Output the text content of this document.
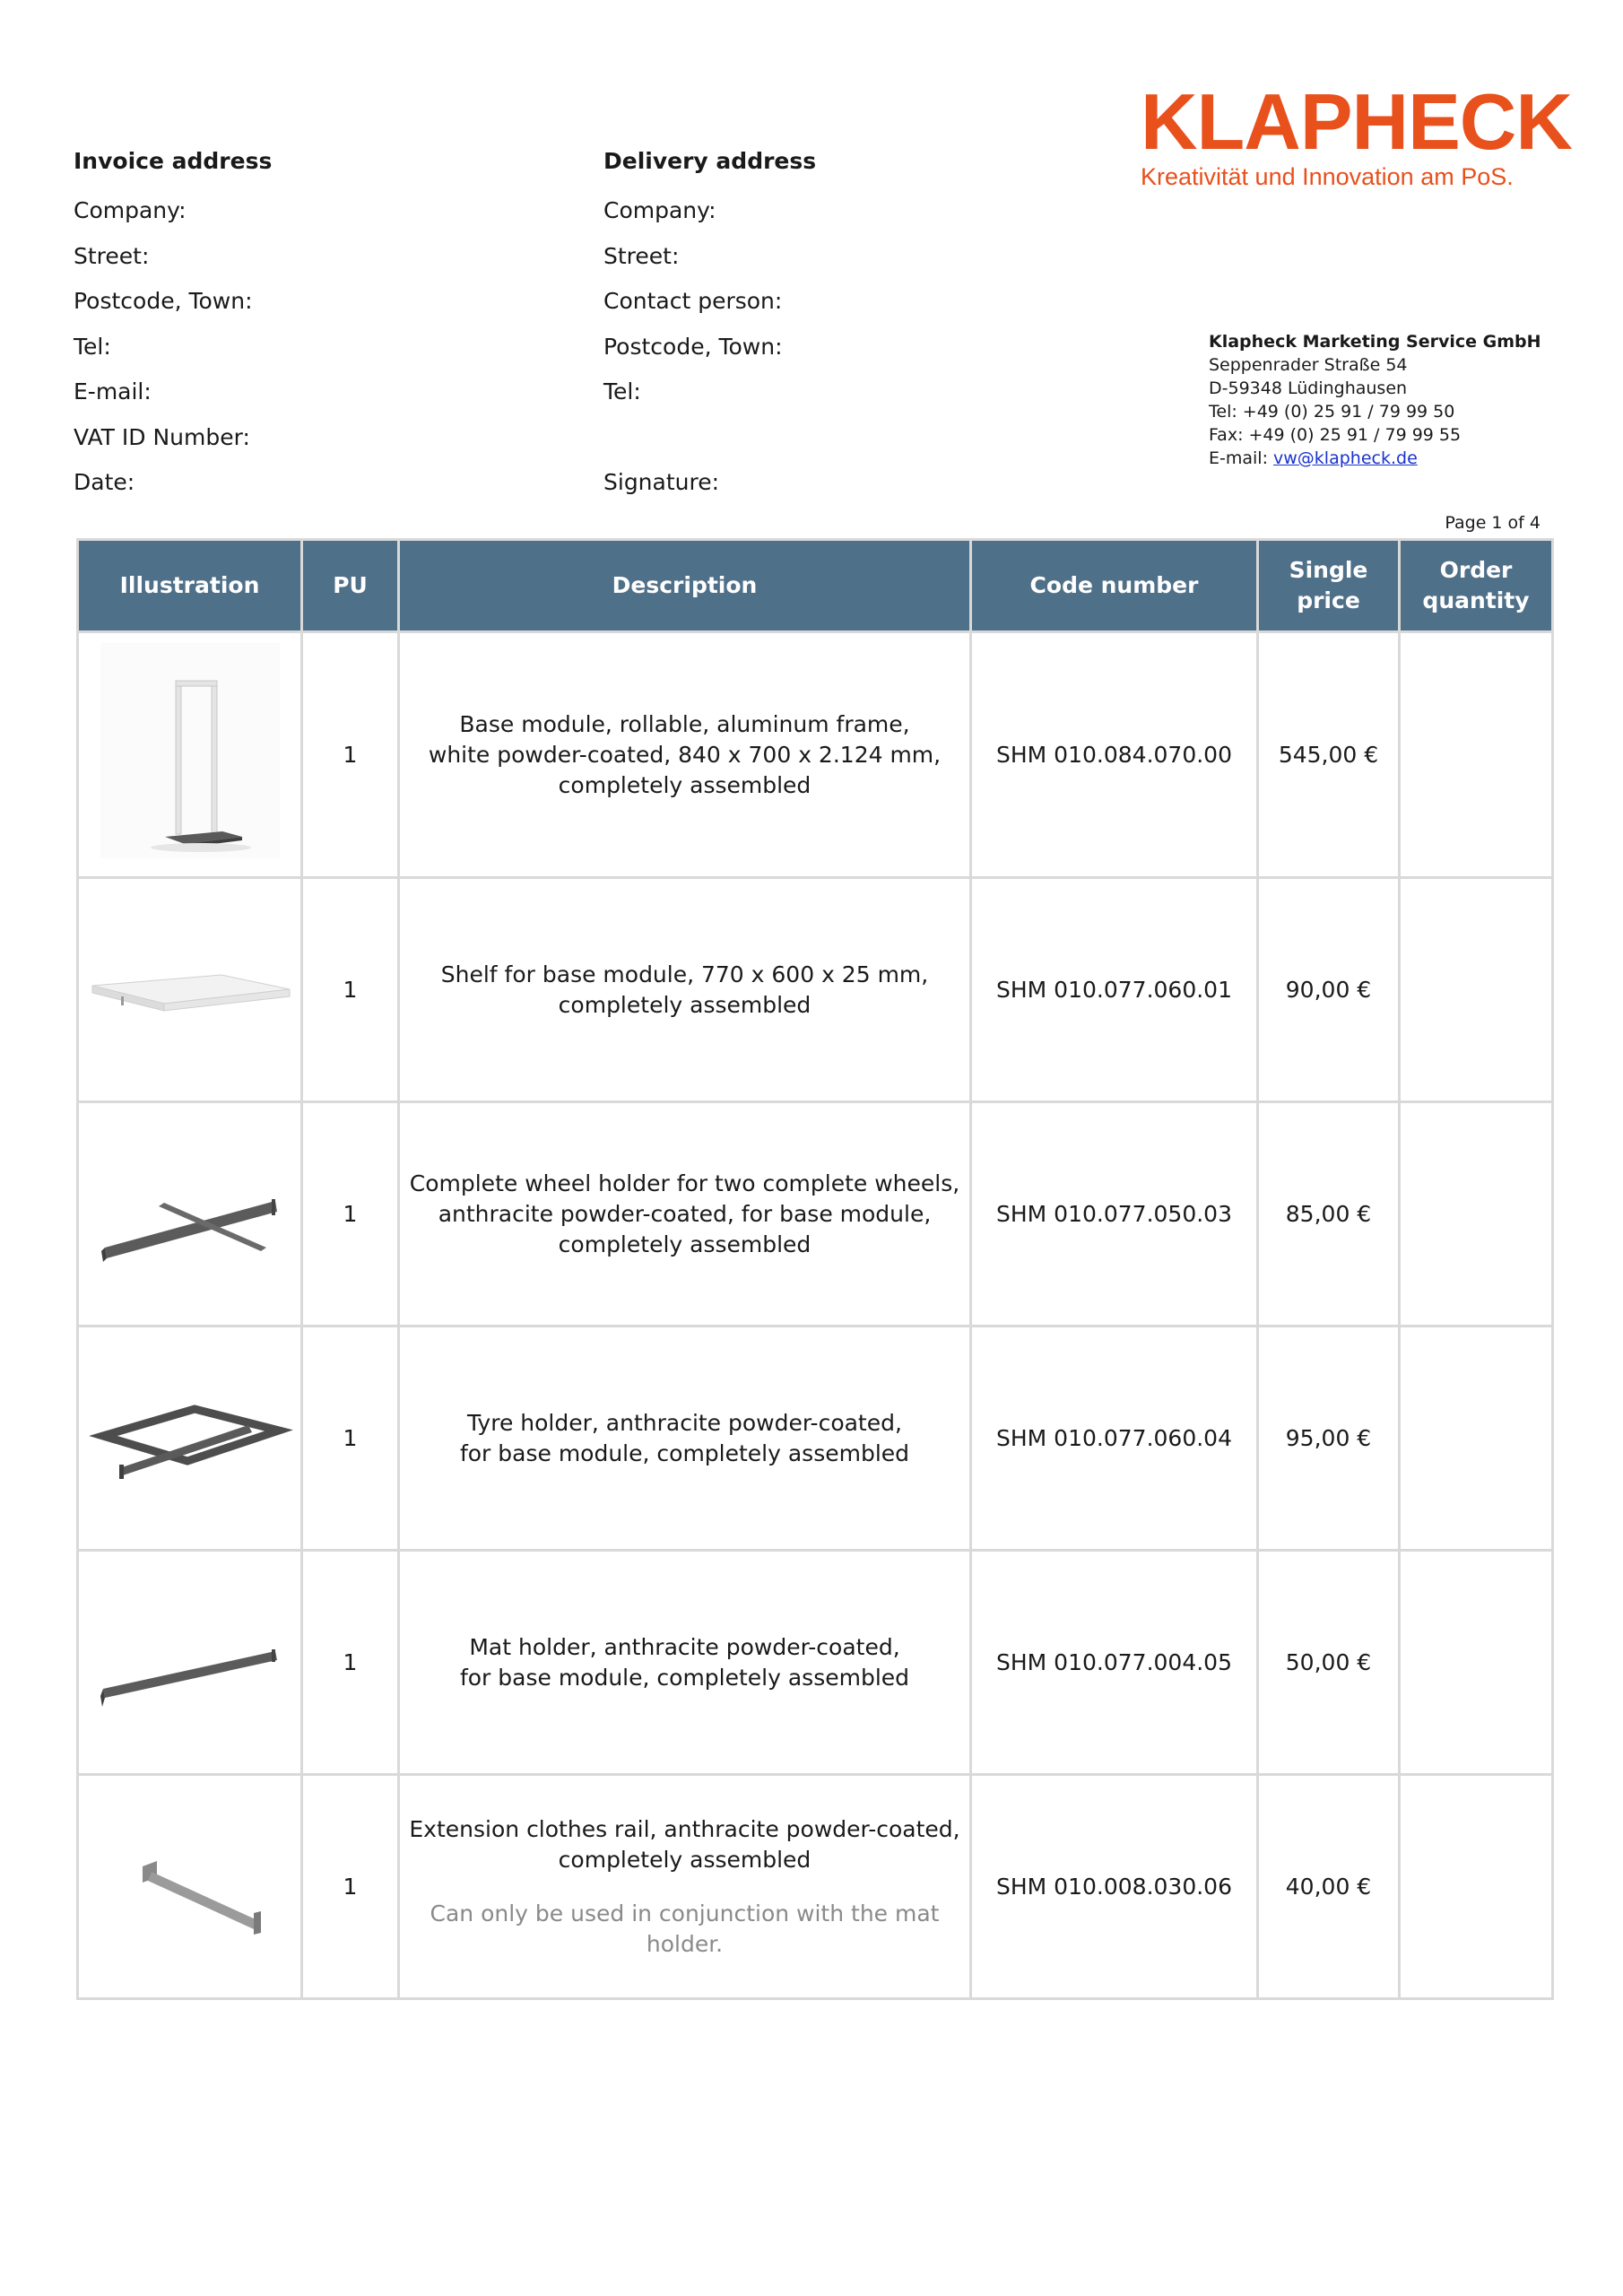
KLAPHECK
Kreativität und Innovation am PoS.
Invoice address
Company:
Street:
Postcode, Town:
Tel:
E-mail:
VAT ID Number:
Date:
Delivery address
Company:
Street:
Contact person:
Postcode, Town:
Tel:
Signature:
Klapheck Marketing Service GmbH
Seppenrader Straße 54
D-59348 Lüdinghausen
Tel: +49 (0) 25 91 / 79 99 50
Fax: +49 (0) 25 91 / 79 99 55
E-mail: vw@klapheck.de
Page 1 of 4
Illustration	PU	Description	Code number	Single price	Order
quantity
	1	Base module, rollable, aluminum frame,
white powder-coated, 840 x 700 x 2.124 mm,
completely assembled	SHM 010.084.070.00	545,00 €	
	1	Shelf for base module, 770 x 600 x 25 mm,
completely assembled	SHM 010.077.060.01	90,00 €	
	1	Complete wheel holder for two complete wheels,
anthracite powder-coated, for base module,
completely assembled	SHM 010.077.050.03	85,00 €	
	1	Tyre holder, anthracite powder-coated,
for base module, completely assembled	SHM 010.077.060.04	95,00 €	
	1	Mat holder, anthracite powder-coated,
for base module, completely assembled	SHM 010.077.004.05	50,00 €	
	1	Extension clothes rail, anthracite powder-coated,
completely assembled
Can only be used in conjunction with the mat holder.	SHM 010.008.030.06	40,00 €	
